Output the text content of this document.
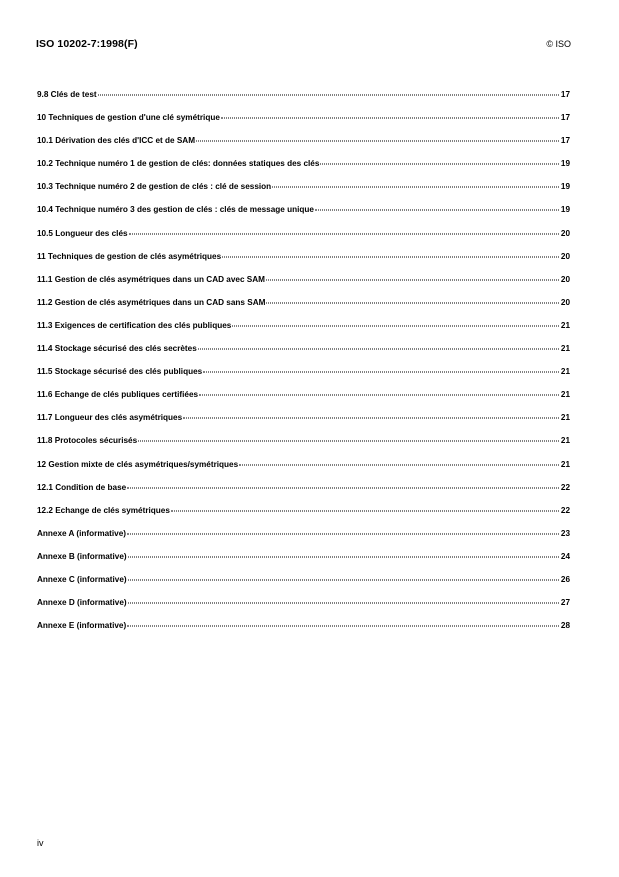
ISO 10202-7:1998(F)	© ISO
9.8 Clés de test	17
10 Techniques de gestion d'une clé symétrique	17
10.1 Dérivation des clés d'ICC et de SAM	17
10.2 Technique numéro 1 de gestion de clés: données statiques des clés	19
10.3 Technique numéro 2 de gestion de clés : clé de session	19
10.4 Technique numéro 3 des gestion de clés : clés de message unique	19
10.5 Longueur des clés	20
11 Techniques de gestion de clés asymétriques	20
11.1 Gestion de clés asymétriques dans un CAD avec SAM	20
11.2 Gestion de clés asymétriques dans un CAD sans SAM	20
11.3 Exigences de certification des clés publiques	21
11.4 Stockage sécurisé des clés secrètes	21
11.5 Stockage sécurisé des clés publiques	21
11.6 Echange de clés publiques certifiées	21
11.7 Longueur des clés asymétriques	21
11.8 Protocoles sécurisés	21
12 Gestion mixte de clés asymétriques/symétriques	21
12.1 Condition de base	22
12.2 Echange de clés symétriques	22
Annexe A (informative)	23
Annexe B (informative)	24
Annexe C (informative)	26
Annexe D (informative)	27
Annexe E (informative)	28
iv
